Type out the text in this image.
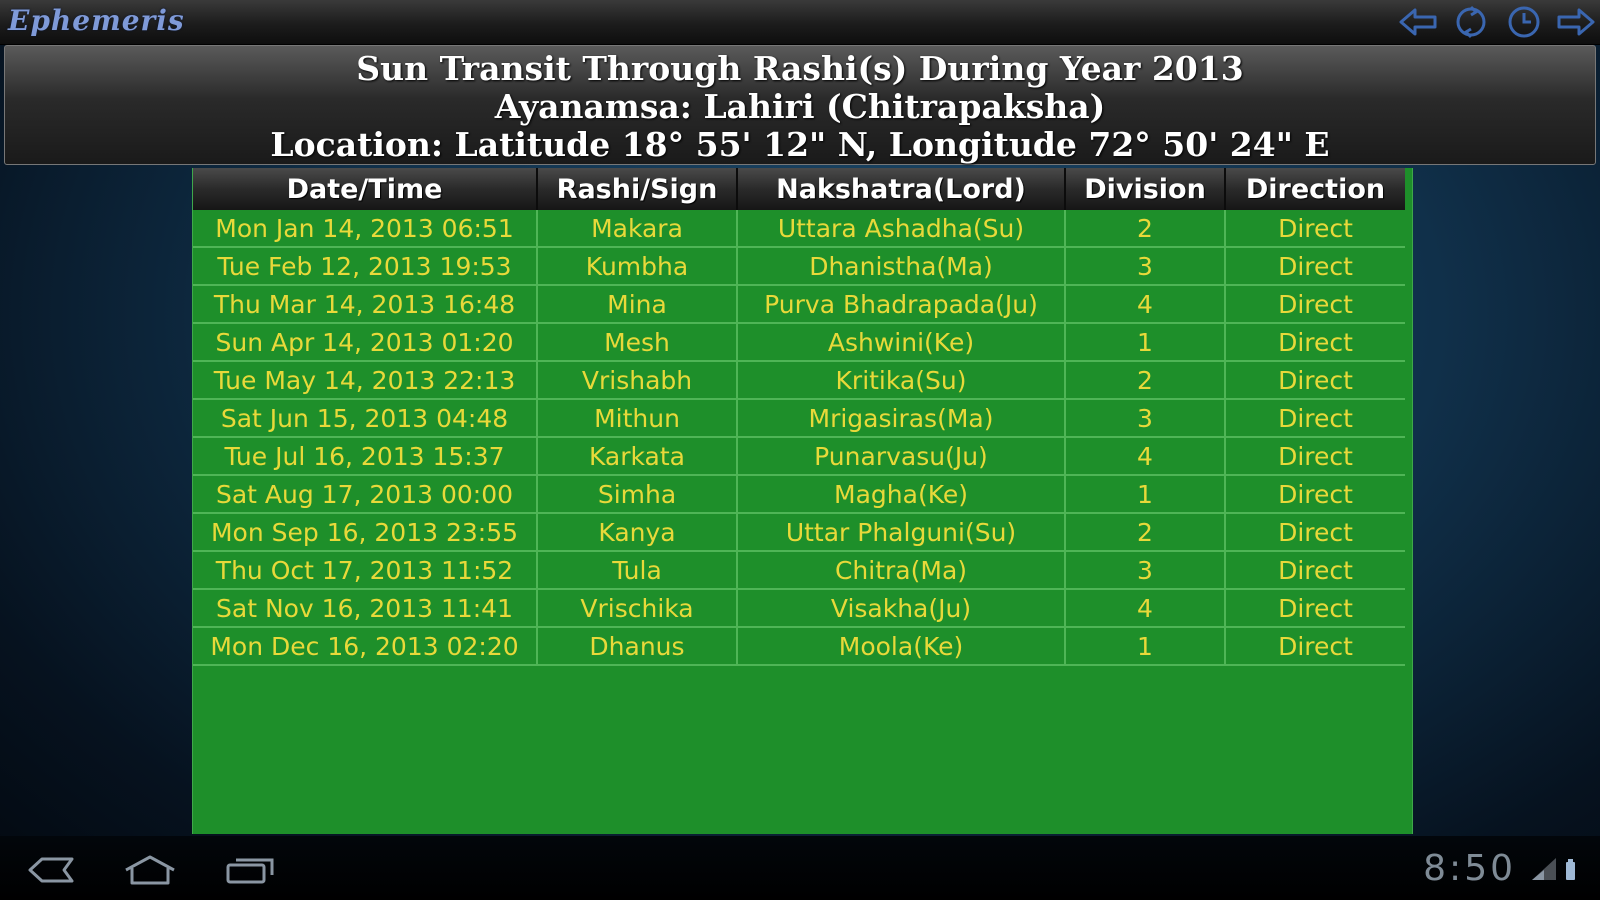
Ephemeris
Sun Transit Through Rashi(s) During Year 2013
Ayanamsa: Lahiri (Chitrapaksha)
Location: Latitude 18° 55' 12" N, Longitude 72° 50' 24" E
Date/Time	Rashi/Sign	Nakshatra(Lord)	Division	Direction
Mon Jan 14, 2013 06:51	Makara	Uttara Ashadha(Su)	2	Direct
Tue Feb 12, 2013 19:53	Kumbha	Dhanistha(Ma)	3	Direct
Thu Mar 14, 2013 16:48	Mina	Purva Bhadrapada(Ju)	4	Direct
Sun Apr 14, 2013 01:20	Mesh	Ashwini(Ke)	1	Direct
Tue May 14, 2013 22:13	Vrishabh	Kritika(Su)	2	Direct
Sat Jun 15, 2013 04:48	Mithun	Mrigasiras(Ma)	3	Direct
Tue Jul 16, 2013 15:37	Karkata	Punarvasu(Ju)	4	Direct
Sat Aug 17, 2013 00:00	Simha	Magha(Ke)	1	Direct
Mon Sep 16, 2013 23:55	Kanya	Uttar Phalguni(Su)	2	Direct
Thu Oct 17, 2013 11:52	Tula	Chitra(Ma)	3	Direct
Sat Nov 16, 2013 11:41	Vrischika	Visakha(Ju)	4	Direct
Mon Dec 16, 2013 02:20	Dhanus	Moola(Ke)	1	Direct
8:50
